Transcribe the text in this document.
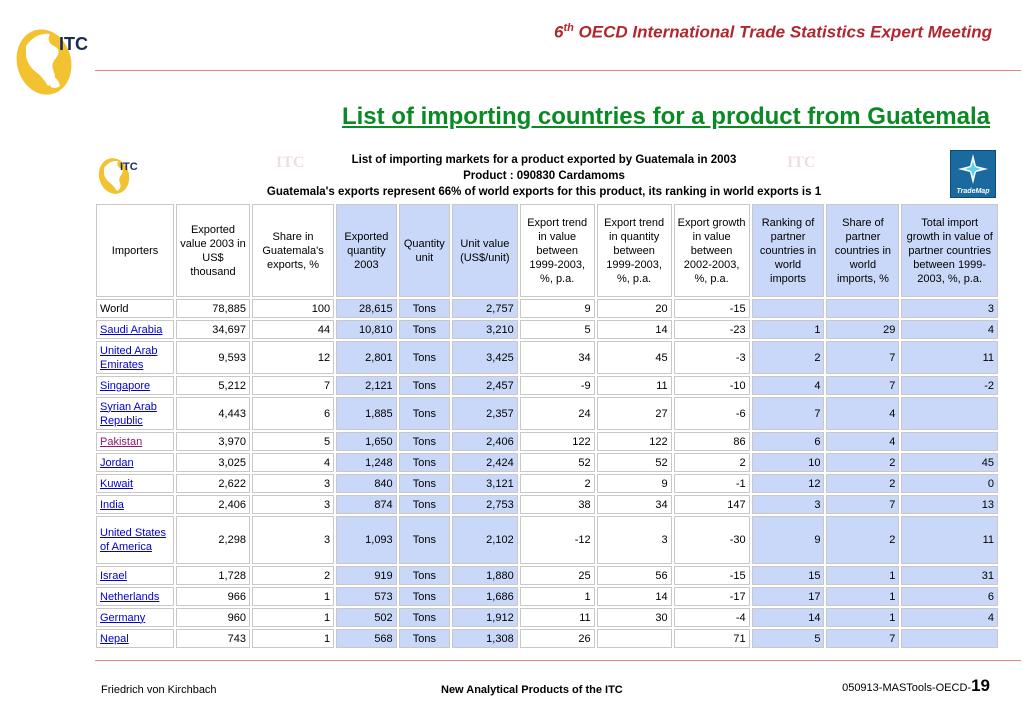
ITC
6th OECD International Trade Statistics Expert Meeting
List of importing countries for a product from Guatemala
ITC	ITC	ITC
List of importing markets for a product exported by Guatemala in 2003
Product : 090830 Cardamoms
Guatemala's exports represent 66% of world exports for this product, its ranking in world exports is 1	TradeMap
Importers	Exported value 2003 in US$ thousand	Share in Guatemala's exports, %	Exported quantity 2003	Quantity unit	Unit value (US$/unit)	Export trend in value between 1999-2003, %, p.a.	Export trend in quantity between 1999-2003, %, p.a.	Export growth in value between 2002-2003, %, p.a.	Ranking of partner countries in world imports	Share of partner countries in world imports, %	Total import growth in value of partner countries between 1999-2003, %, p.a.
World	78,885	100	28,615	Tons	2,757	9	20	-15			3
Saudi Arabia	34,697	44	10,810	Tons	3,210	5	14	-23	1	29	4
United Arab Emirates	9,593	12	2,801	Tons	3,425	34	45	-3	2	7	11
Singapore	5,212	7	2,121	Tons	2,457	-9	11	-10	4	7	-2
Syrian Arab Republic	4,443	6	1,885	Tons	2,357	24	27	-6	7	4	
Pakistan	3,970	5	1,650	Tons	2,406	122	122	86	6	4	
Jordan	3,025	4	1,248	Tons	2,424	52	52	2	10	2	45
Kuwait	2,622	3	840	Tons	3,121	2	9	-1	12	2	0
India	2,406	3	874	Tons	2,753	38	34	147	3	7	13
United States of America	2,298	3	1,093	Tons	2,102	-12	3	-30	9	2	11
Israel	1,728	2	919	Tons	1,880	25	56	-15	15	1	31
Netherlands	966	1	573	Tons	1,686	1	14	-17	17	1	6
Germany	960	1	502	Tons	1,912	11	30	-4	14	1	4
Nepal	743	1	568	Tons	1,308	26		71	5	7	
Friedrich von Kirchbach	New Analytical Products of the ITC	050913-MASTools-OECD-19
